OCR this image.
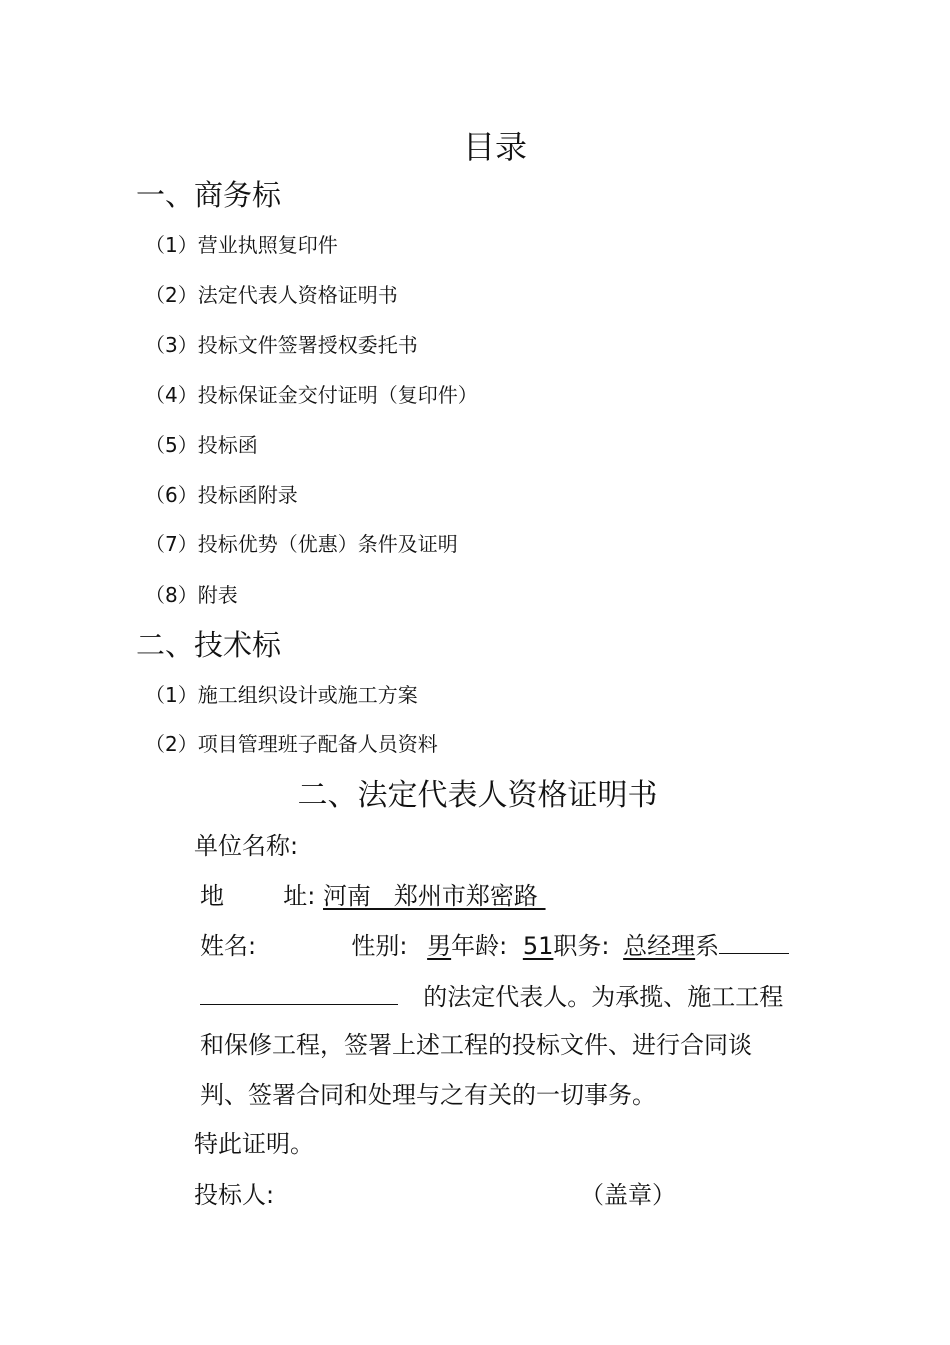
目录
一、商务标
（1）营业执照复印件
（2）法定代表人资格证明书
（3）投标文件签署授权委托书
（4）投标保证金交付证明（复印件）
（5）投标函
（6）投标函附录
（7）投标优势（优惠）条件及证明
（8）附表
二、技术标
（1）施工组织设计或施工方案
（2）项目管理班子配备人员资料
二、法定代表人资格证明书
单位名称:
地 址: 河南   郑州市郑密路
姓名:	性别: 男年龄: 51职务: 总经理系
的法定代表人。为承揽、施工工程
和保修工程，签署上述工程的投标文件、进行合同谈
判、签署合同和处理与之有关的一切事务。
特此证明。
投标人:	（盖章）
